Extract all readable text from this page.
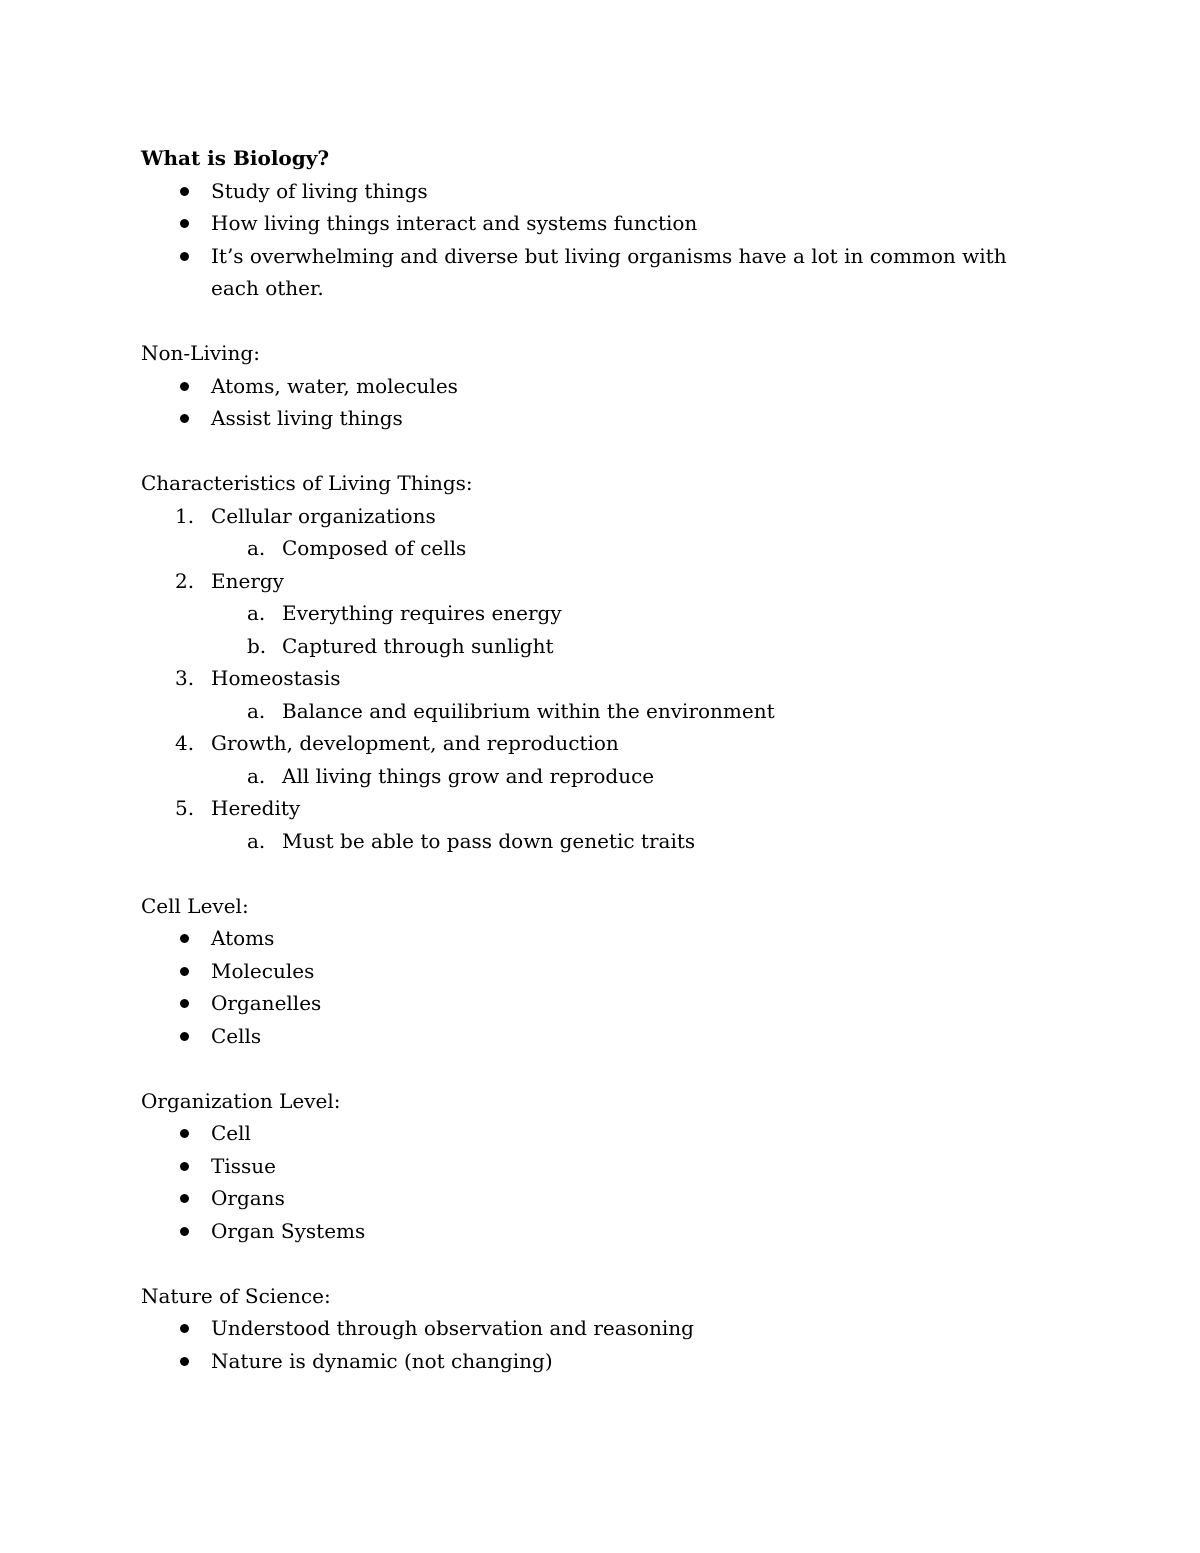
What is Biology?
Study of living things
How living things interact and systems function
It’s overwhelming and diverse but living organisms have a lot in common with each other.
Non-Living:
Atoms, water, molecules
Assist living things
Characteristics of Living Things:
1. Cellular organizations
a. Composed of cells
2. Energy
a. Everything requires energy
b. Captured through sunlight
3. Homeostasis
a. Balance and equilibrium within the environment
4. Growth, development, and reproduction
a. All living things grow and reproduce
5. Heredity
a. Must be able to pass down genetic traits
Cell Level:
Atoms
Molecules
Organelles
Cells
Organization Level:
Cell
Tissue
Organs
Organ Systems
Nature of Science:
Understood through observation and reasoning
Nature is dynamic (not changing)
